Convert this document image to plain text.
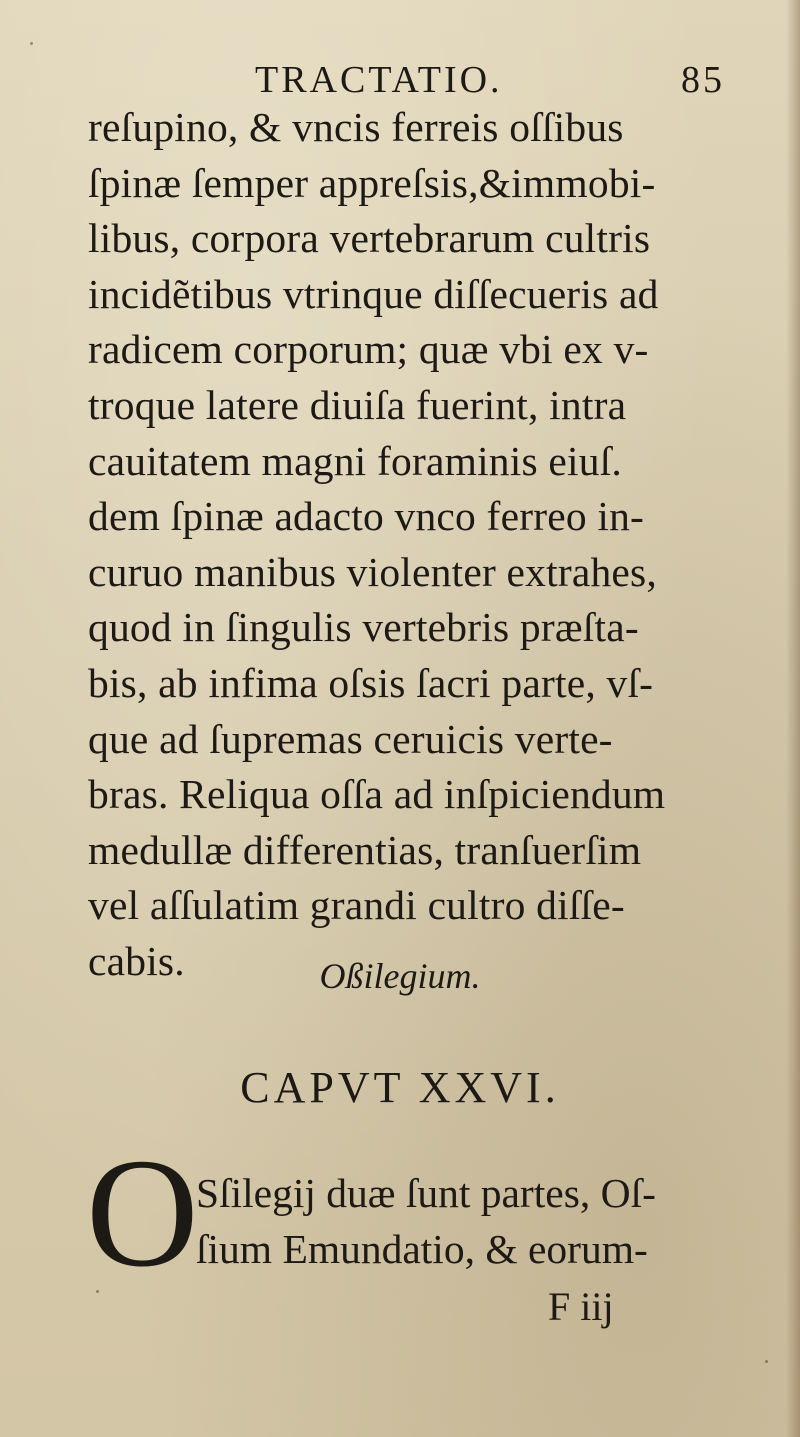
TRACTATIO.	85
reſupino, & vncis ferreis oſſibus
ſpinæ ſemper appreſsis,&immobi-
libus, corpora vertebrarum cultris
incidẽtibus vtrinque diſſecueris ad
radicem corporum; quæ vbi ex v-
troque latere diuiſa fuerint, intra
cauitatem magni foraminis eiuſ.
dem ſpinæ adacto vnco ferreo in-
curuo manibus violenter extrahes,
quod in ſingulis vertebris præſta-
bis, ab infima oſsis ſacri parte, vſ-
que ad ſupremas ceruicis verte-
bras. Reliqua oſſa ad inſpiciendum
medullæ differentias, tranſuerſim
vel aſſulatim grandi cultro diſſe-
cabis.	Oßilegium.
CAPVT XXVI.
O
Sſilegij duæ ſunt partes, Oſ-
ſium Emundatio, & eorum-
F iij
